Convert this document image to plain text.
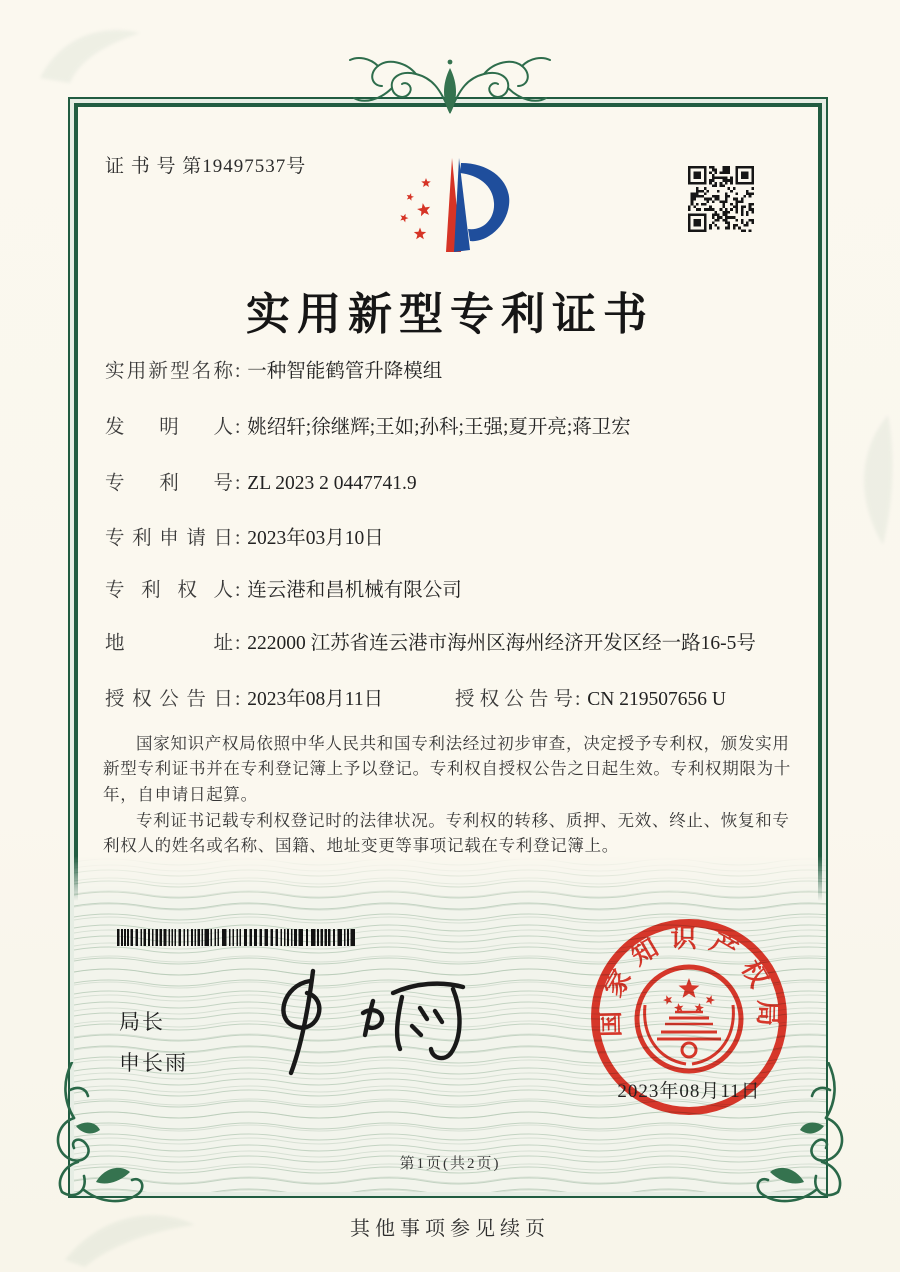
证 书 号 第19497537号
实用新型专利证书
实 用 新 型 名 称 : 一种智能鹤管升降模组
发 明 人 : 姚绍轩;徐继辉;王如;孙科;王强;夏开亮;蒋卫宏
专 利 号 : ZL 2023 2 0447741.9
专 利 申 请 日 : 2023年03月10日
专 利 权 人 : 连云港和昌机械有限公司
地	址 : 222000 江苏省连云港市海州区海州经济开发区经一路16-5号
授 权 公 告 日 : 2023年08月11日	授 权 公 告 号 : CN 219507656 U

国家知识产权局依照中华人民共和国专利法经过初步审查，决定授予专利权，颁发实用新型专利证书并在专利登记簿上予以登记。专利权自授权公告之日起生效。专利权期限为十年，自申请日起算。

专利证书记载专利权登记时的法律状况。专利权的转移、质押、无效、终止、恢复和专利权人的姓名或名称、国籍、地址变更等事项记载在专利登记簿上。

局长
申长雨
国家知识产权局
2023年08月11日
第1页(共2页)
其他事项参见续页
